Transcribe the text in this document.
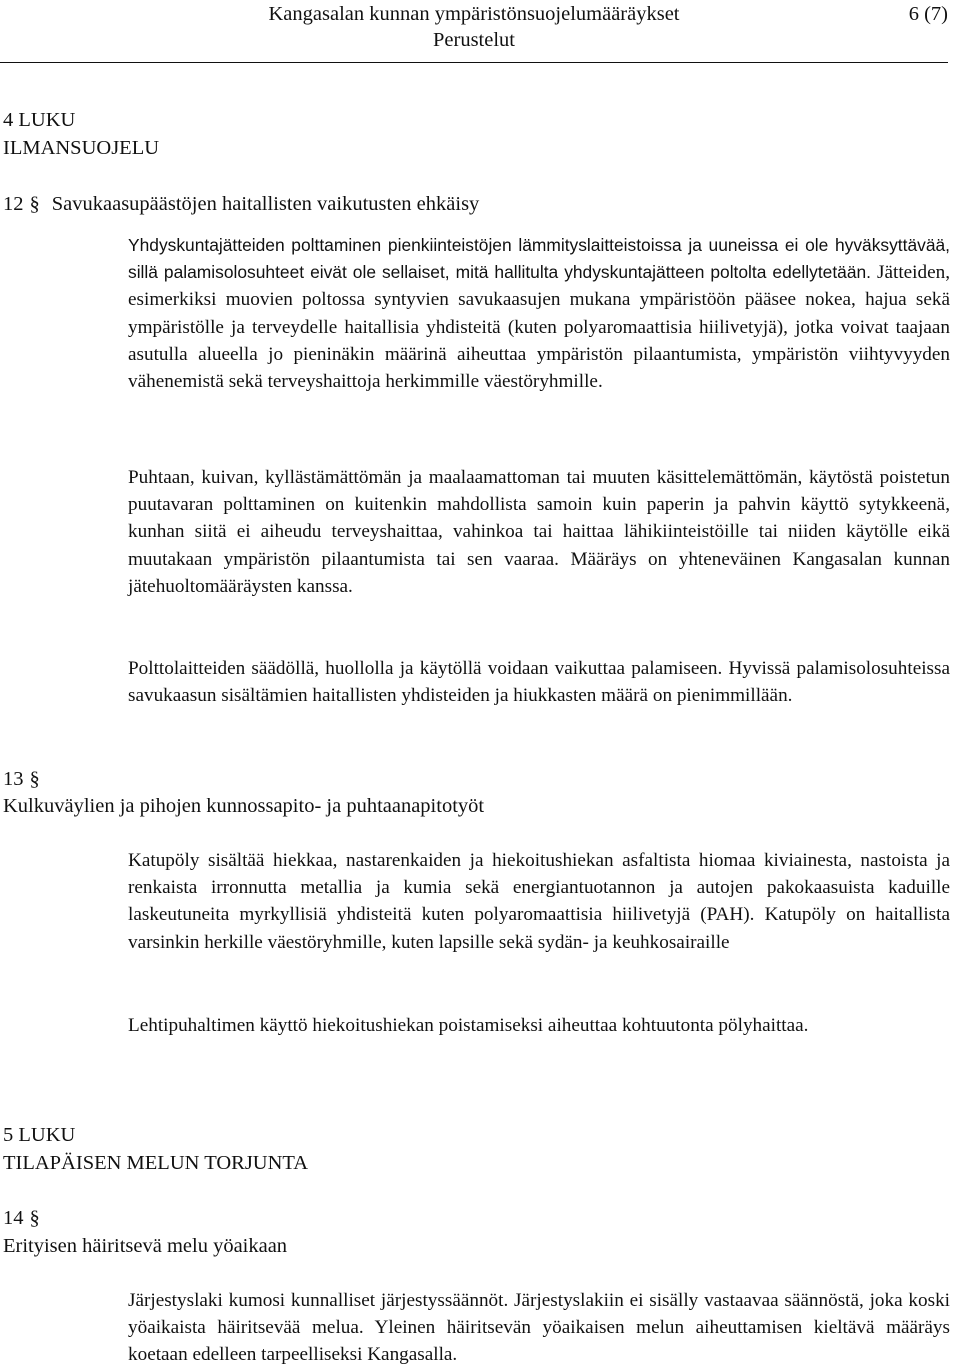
Kangasalan kunnan ympäristönsuojelumääräykset	6 (7)
Perustelut
4 LUKU
ILMANSUOJELU
12 § Savukaasupäästöjen haitallisten vaikutusten ehkäisy

Yhdyskuntajätteiden polttaminen pienkiinteistöjen lämmityslaitteistoissa ja uuneissa ei ole hyväksyttävää, sillä palamisolosuhteet eivät ole sellaiset, mitä hallitulta yhdyskuntajätteen poltolta edellytetään. Jätteiden, esimerkiksi muovien poltossa syntyvien savukaasujen mukana ympäristöön pääsee nokea, hajua sekä ympäristölle ja terveydelle haitallisia yhdisteitä (kuten polyaromaattisia hiilivetyjä), jotka voivat taajaan asutulla alueella jo pieninäkin määrinä aiheuttaa ympäristön pilaantumista, ympäristön viihtyvyyden vähenemistä sekä terveyshaittoja herkimmille väestöryhmille.

Puhtaan, kuivan, kyllästämättömän ja maalaamattoman tai muuten käsittelemättömän, käytöstä poistetun puutavaran polttaminen on kuitenkin mahdollista samoin kuin paperin ja pahvin käyttö sytykkeenä, kunhan siitä ei aiheudu terveyshaittaa, vahinkoa tai haittaa lähikiinteistöille tai niiden käytölle eikä muutakaan ympäristön pilaantumista tai sen vaaraa. Määräys on yhteneväinen Kangasalan kunnan jätehuoltomääräysten kanssa.

Polttolaitteiden säädöllä, huollolla ja käytöllä voidaan vaikuttaa palamiseen. Hyvissä palamisolosuhteissa savukaasun sisältämien haitallisten yhdisteiden ja hiukkasten määrä on pienimmillään.

13 §
Kulkuväylien ja pihojen kunnossapito- ja puhtaanapitotyöt

Katupöly sisältää hiekkaa, nastarenkaiden ja hiekoitushiekan asfaltista hiomaa kiviainesta, nastoista ja renkaista irronnutta metallia ja kumia sekä energiantuotannon ja autojen pakokaasuista kaduille laskeutuneita myrkyllisiä yhdisteitä kuten polyaromaattisia hiilivetyjä (PAH). Katupöly on haitallista varsinkin herkille väestöryhmille, kuten lapsille sekä sydän- ja keuhkosairaille

Lehtipuhaltimen käyttö hiekoitushiekan poistamiseksi aiheuttaa kohtuutonta pölyhaittaa.

5 LUKU
TILAPÄISEN MELUN TORJUNTA
14 §
Erityisen häiritsevä melu yöaikaan

Järjestyslaki kumosi kunnalliset järjestyssäännöt. Järjestyslakiin ei sisälly vastaavaa säännöstä, joka koski yöaikaista häiritsevää melua. Yleinen häiritsevän yöaikaisen melun aiheuttamisen kieltävä määräys koetaan edelleen tarpeelliseksi Kangasalla.
